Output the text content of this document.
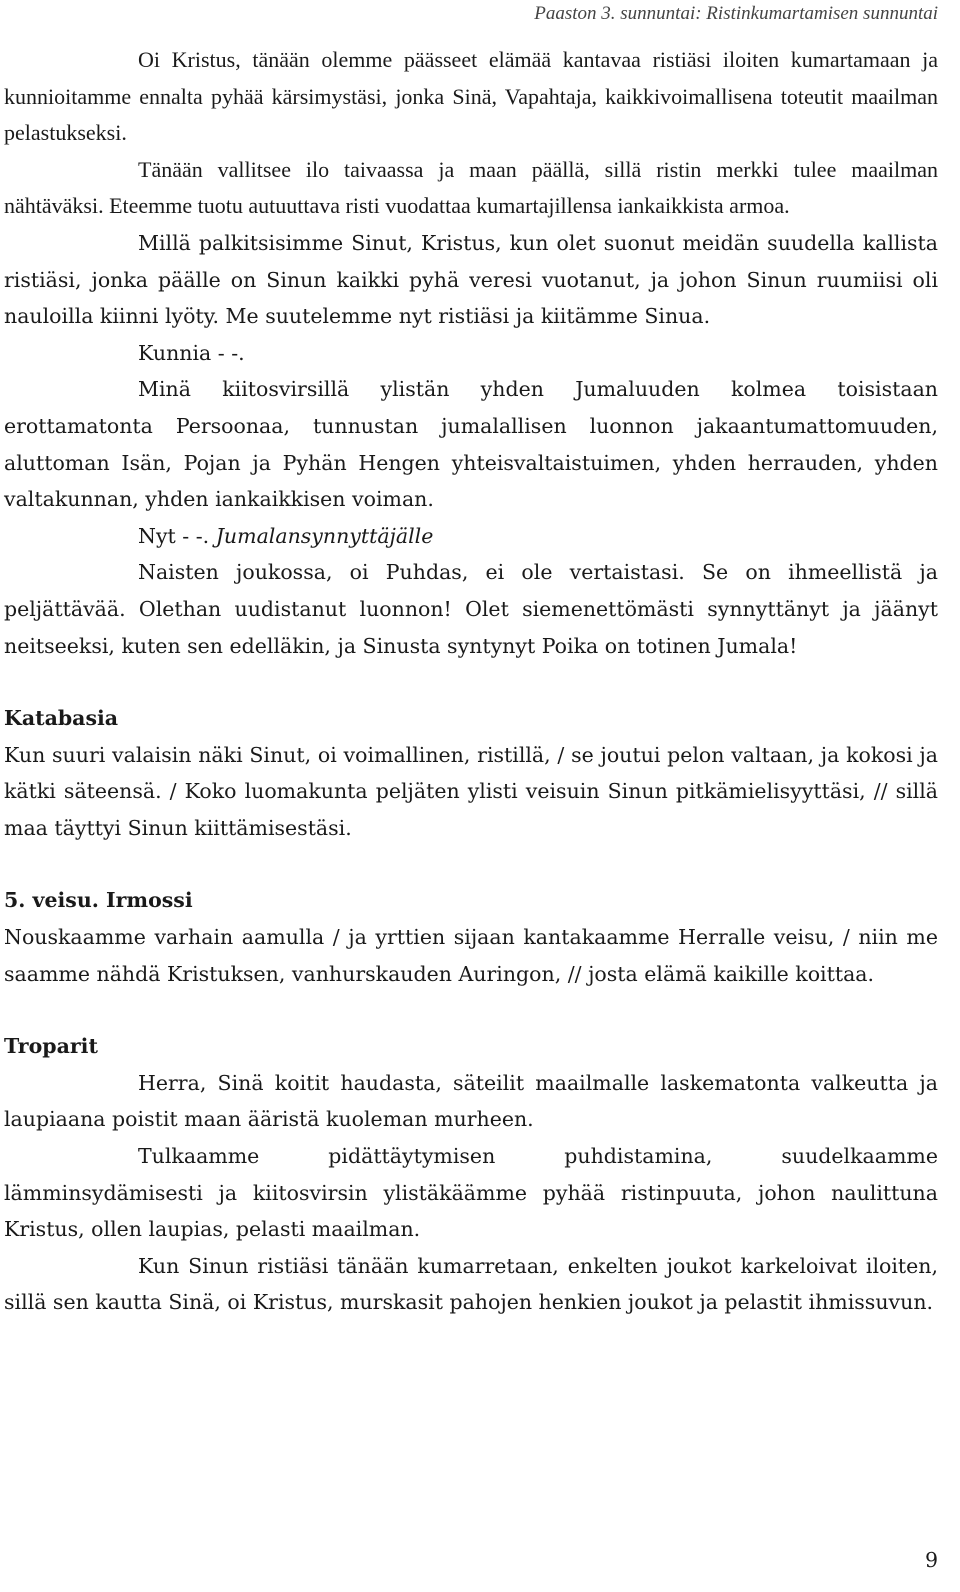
Paaston 3. sunnuntai: Ristinkumartamisen sunnuntai

Oi Kristus, tänään olemme päässeet elämää kantavaa ristiäsi iloiten kumartamaan ja kunnioitamme ennalta pyhää kärsimystäsi, jonka Sinä, Vapahtaja, kaikkivoimallisena toteutit maailman pelastukseksi.

Tänään vallitsee ilo taivaassa ja maan päällä, sillä ristin merkki tulee maailman nähtäväksi. Eteemme tuotu autuuttava risti vuodattaa kumartajillensa iankaikkista armoa.

Millä palkitsisimme Sinut, Kristus, kun olet suonut meidän suudella kallista ristiäsi, jonka päälle on Sinun kaikki pyhä veresi vuotanut, ja johon Sinun ruumiisi oli nauloilla kiinni lyöty. Me suutelemme nyt ristiäsi ja kiitämme Sinua.

Kunnia - -.

Minä kiitosvirsillä ylistän yhden Jumaluuden kolmea toisistaan erottamatonta Persoonaa, tunnustan jumalallisen luonnon jakaantumattomuuden, aluttoman Isän, Pojan ja Pyhän Hengen yhteisvaltaistuimen, yhden herrauden, yhden valtakunnan, yhden iankaikkisen voiman.

Nyt - -. Jumalansynnyttäjälle

Naisten joukossa, oi Puhdas, ei ole vertaistasi. Se on ihmeellistä ja peljättävää. Olethan uudistanut luonnon! Olet siemenettömästi synnyttänyt ja jäänyt neitseeksi, kuten sen edelläkin, ja Sinusta syntynyt Poika on totinen Jumala!

Katabasia

Kun suuri valaisin näki Sinut, oi voimallinen, ristillä, / se joutui pelon valtaan, ja kokosi ja kätki säteensä. / Koko luomakunta peljäten ylisti veisuin Sinun pitkämielisyyttäsi, // sillä maa täyttyi Sinun kiittämisestäsi.

5. veisu. Irmossi

Nouskaamme varhain aamulla / ja yrttien sijaan kantakaamme Herralle veisu, / niin me saamme nähdä Kristuksen, vanhurskauden Auringon, // josta elämä kaikille koittaa.

Troparit

Herra, Sinä koitit haudasta, säteilit maailmalle laskematonta valkeutta ja laupiaana poistit maan ääristä kuoleman murheen.

Tulkaamme pidättäytymisen puhdistamina, suudelkaamme lämminsydämisesti ja kiitosvirsin ylistäkäämme pyhää ristinpuuta, johon naulittuna Kristus, ollen laupias, pelasti maailman.

Kun Sinun ristiäsi tänään kumarretaan, enkelten joukot karkeloivat iloiten, sillä sen kautta Sinä, oi Kristus, murskasit pahojen henkien joukot ja pelastit ihmissuvun.

9
